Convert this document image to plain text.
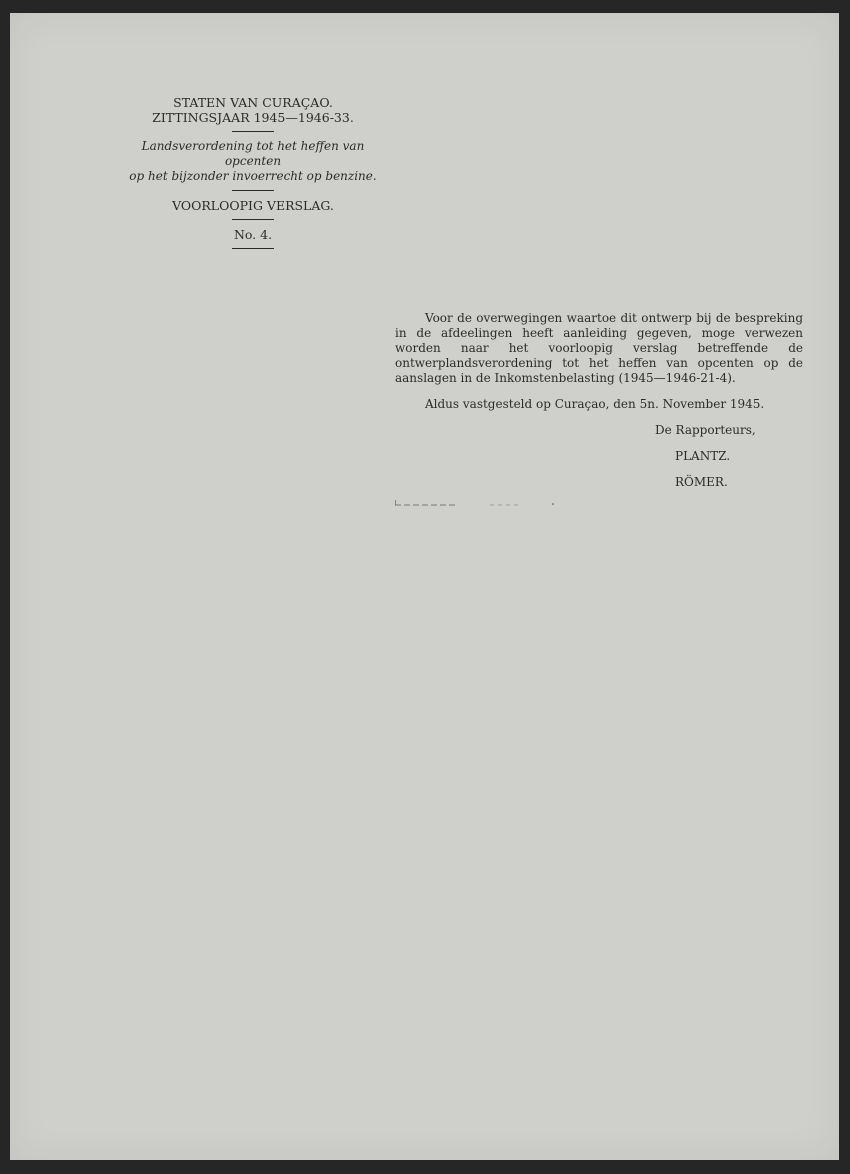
STATEN VAN CURAÇAO.
ZITTINGSJAAR 1945—1946-33.
Landsverordening tot het heffen van opcenten
op het bijzonder invoerrecht op benzine.
VOORLOOPIG VERSLAG.
No. 4.

Voor de overwegingen waartoe dit ontwerp bij de bespreking in de afdeelingen heeft aanleiding gegeven, moge verwezen worden naar het voorloopig verslag betreffende de ontwerplandsverordening tot het heffen van opcenten op de aanslagen in de Inkomstenbelasting (1945—1946-21-4).

Aldus vastgesteld op Curaçao, den 5n. November 1945.

De Rapporteurs,

PLANTZ.

RÖMER.
